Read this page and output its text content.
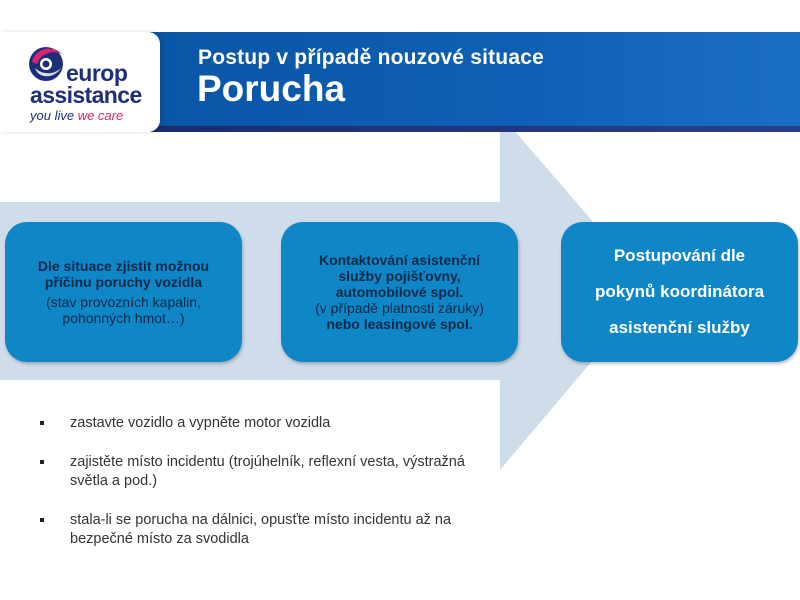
Postup v případě nouzové situace
Porucha
europ
assistance
you live we care

Dle situace zjistit možnou příčinu poruchy vozidla

(stav provozních kapalin, pohonných hmot…)

Kontaktování asistenční služby pojišťovny, automobilové spol.

(v případě platnosti záruky)

nebo leasingové spol.

Postupování dle

pokynů koordinátora

asistenční služby

zastavte vozidlo a vypněte motor vozidla
zajistěte místo incidentu (trojúhelník, reflexní vesta, výstražná světla a pod.)
stala-li se porucha na dálnici, opusťte místo incidentu až na bezpečné místo za svodidla
